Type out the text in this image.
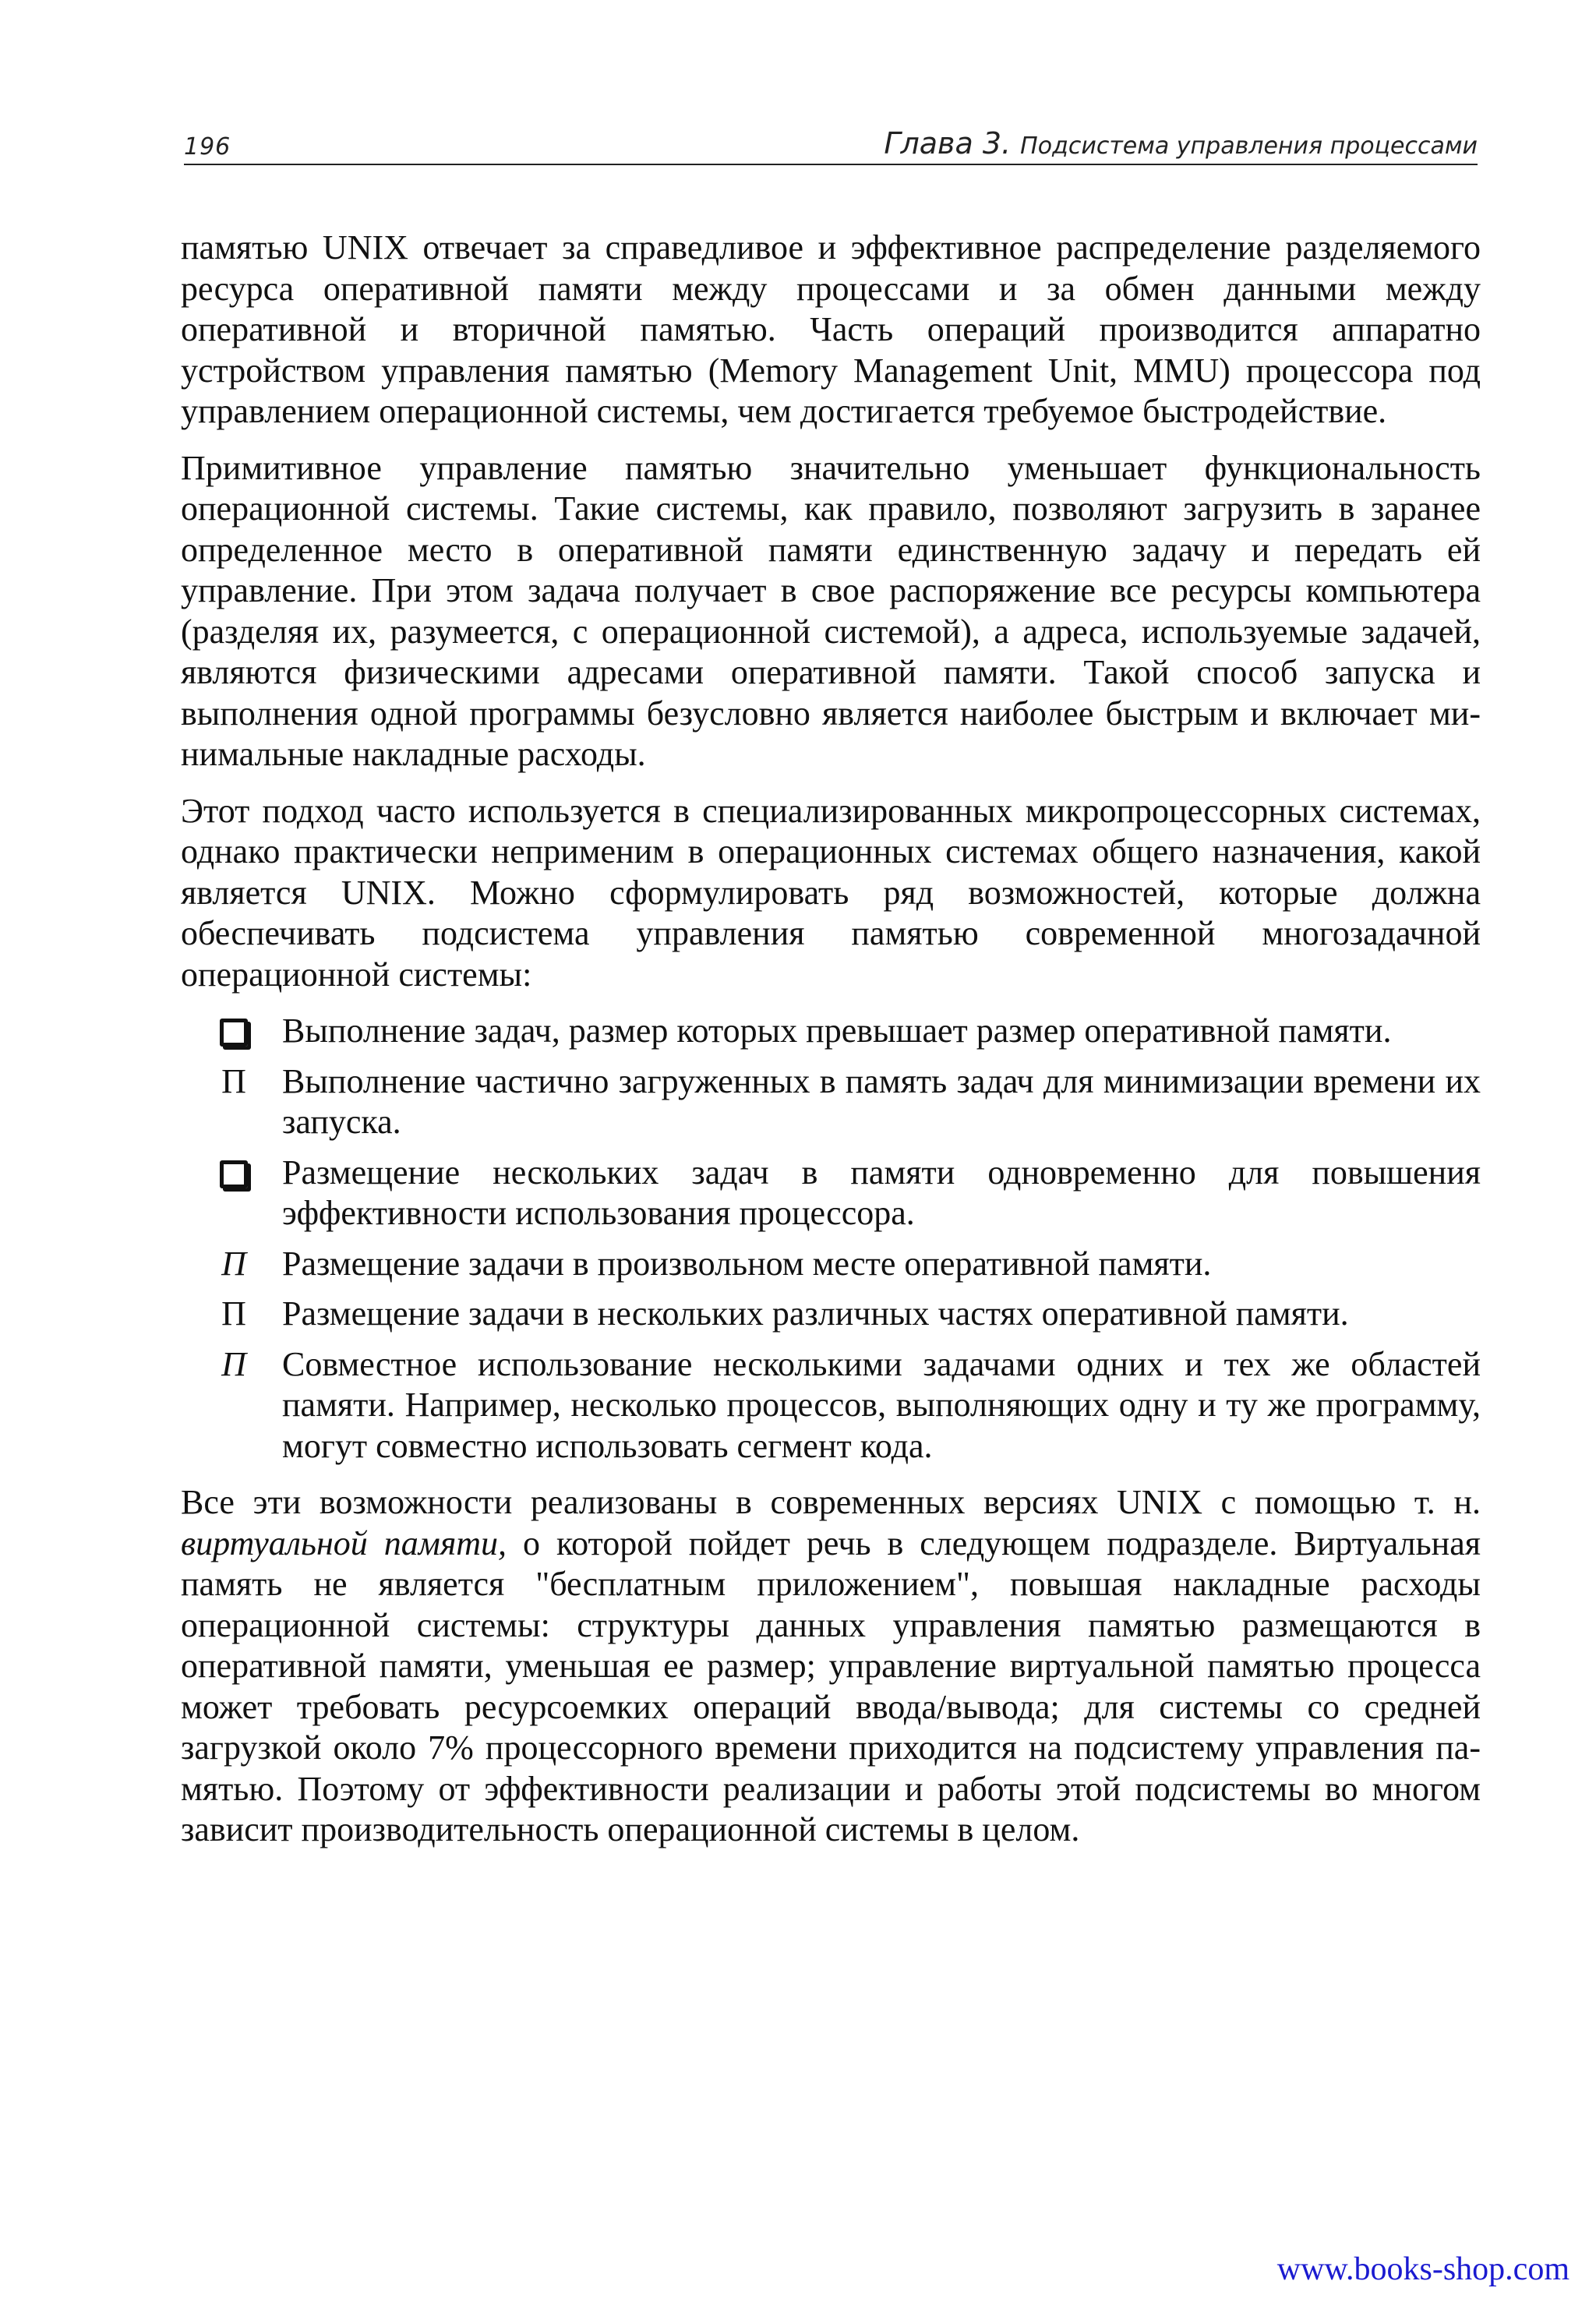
196	Глава 3. Подсистема управления процессами

памятью UNIX отвечает за справедливое и эффективное распределение разделяемого ресурса оперативной памяти между процессами и за обмен данными между оперативной и вторичной памятью. Часть операций производится аппаратно устройством управления памятью (Memory Management Unit, MMU) процессора под управлением операционной системы, чем достигается требуемое быстродействие.

Примитивное управление памятью значительно уменьшает функциональность операционной системы. Такие системы, как правило, позволяют загрузить в заранее определенное место в оперативной памяти единственную задачу и передать ей управление. При этом задача получает в свое распоряжение все ресурсы компьютера (разделяя их, разумеется, с операционной системой), а адреса, используемые задачей, являются физическими адресами оперативной памяти. Такой способ запуска и выполнения одной программы безусловно является наиболее быстрым и включает минимальные накладные расходы.

Этот подход часто используется в специализированных микропроцессорных системах, однако практически неприменим в операционных системах общего назначения, какой является UNIX. Можно сформулировать ряд возможностей, которые должна обеспечивать подсистема управления памятью современной многозадачной операционной системы:

Выполнение задач, размер которых превышает размер оперативной памяти.
П Выполнение частично загруженных в память задач для минимизации времени их запуска.
Размещение нескольких задач в памяти одновременно для повышения эффективности использования процессора.
П Размещение задачи в произвольном месте оперативной памяти.
П Размещение задачи в нескольких различных частях оперативной памяти.
П Совместное использование несколькими задачами одних и тех же областей памяти. Например, несколько процессов, выполняющих одну и ту же программу, могут совместно использовать сегмент кода.

Все эти возможности реализованы в современных версиях UNIX с помощью т. н. виртуальной памяти, о которой пойдет речь в следующем подразделе. Виртуальная память не является "бесплатным приложением", повышая накладные расходы операционной системы: структуры данных управления памятью размещаются в оперативной памяти, уменьшая ее размер; управление виртуальной памятью процесса может требовать ресурсоемких операций ввода/вывода; для системы со средней загрузкой около 7% процессорного времени приходится на подсистему управления памятью. Поэтому от эффективности реализации и работы этой подсистемы во многом зависит производительность операционной системы в целом.

www.books-shop.com
